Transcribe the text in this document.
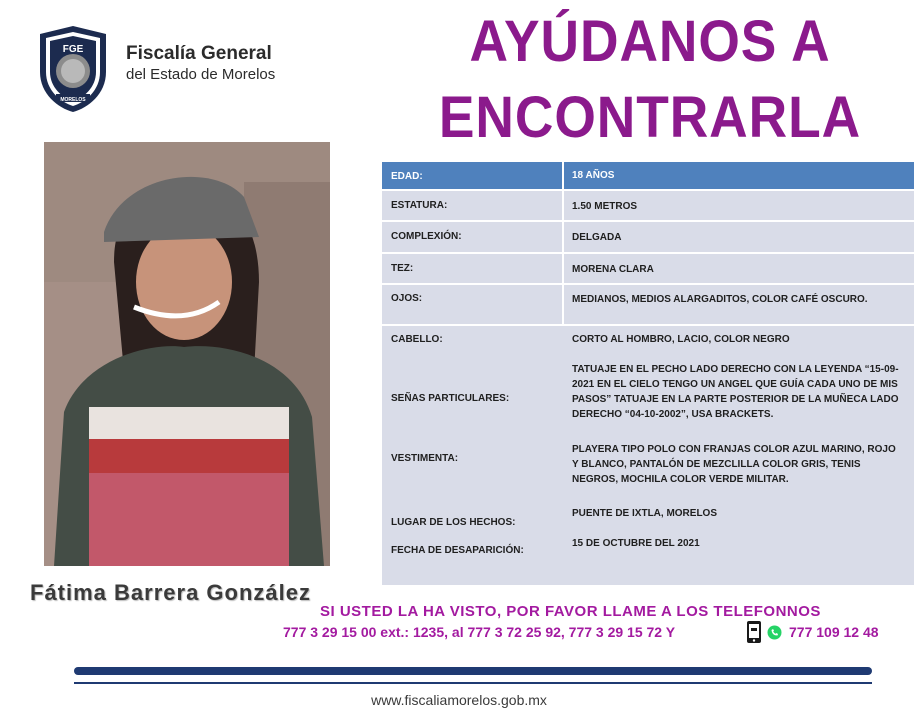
FGE
MORELOS
Fiscalía General
del Estado de Morelos
AYÚDANOS A
ENCONTRARLA
Fátima Barrera González
EDAD:	18 AÑOS
ESTATURA:	1.50 METROS
COMPLEXIÓN:	DELGADA
TEZ:	MORENA CLARA
OJOS:	MEDIANOS, MEDIOS ALARGADITOS, COLOR CAFÉ OSCURO.
CABELLO:	CORTO AL HOMBRO, LACIO, COLOR NEGRO
SEÑAS PARTICULARES:
TATUAJE EN EL PECHO LADO DERECHO CON LA LEYENDA “15-09-2021 EN EL CIELO TENGO UN ANGEL QUE GUÍA CADA UNO DE MIS PASOS” TATUAJE EN LA PARTE POSTERIOR DE LA MUÑECA LADO DERECHO “04-10-2002”, USA BRACKETS.
VESTIMENTA:
PLAYERA TIPO POLO CON FRANJAS COLOR AZUL MARINO, ROJO Y BLANCO, PANTALÓN DE MEZCLILLA COLOR GRIS, TENIS NEGROS, MOCHILA COLOR VERDE MILITAR.
LUGAR DE LOS HECHOS:
PUENTE DE IXTLA, MORELOS
FECHA DE DESAPARICIÓN:
15 DE OCTUBRE DEL 2021
SI USTED LA HA VISTO, POR FAVOR LLAME A LOS TELEFONNOS
777 3 29 15 00 ext.: 1235, al 777 3 72 25 92, 777 3 29 15 72 Y	777 109 12 48
www.fiscaliamorelos.gob.mx
